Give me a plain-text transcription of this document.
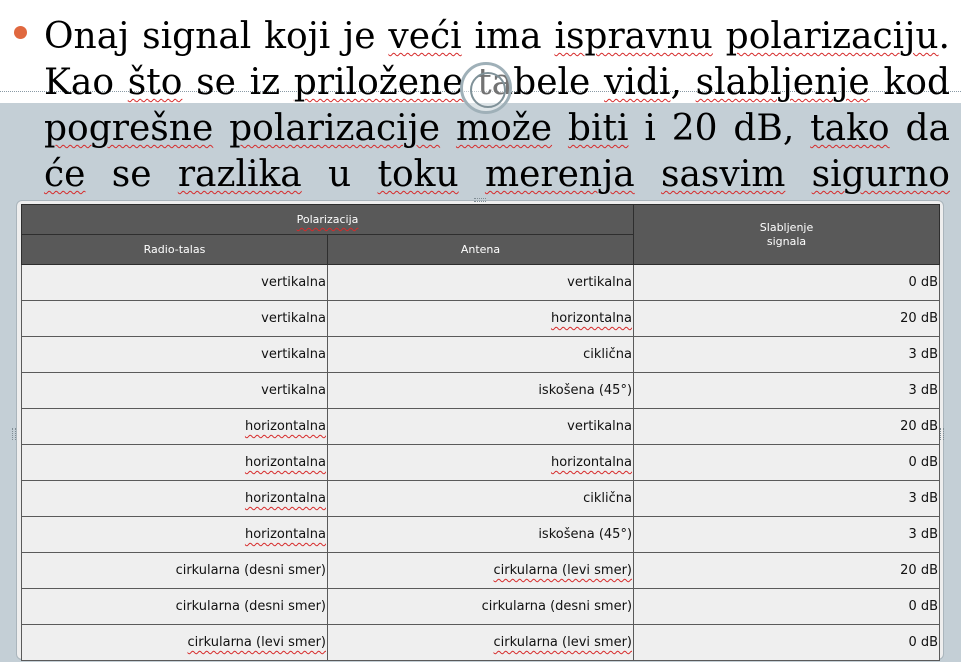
Onaj signal koji je veći ima ispravnu polarizaciju. Kao što se iz priložene tabele vidi, slabljenje kod pogrešne polarizacije može biti i 20 dB, tako da će se razlika u toku merenja sasvim sigurno
Polarizacija		Slabljenje
signala
Radio-talas	Antena	
vertikalna	vertikalna	0 dB
vertikalna	horizontalna	20 dB
vertikalna	ciklična	3 dB
vertikalna	iskošena (45°)	3 dB
horizontalna	vertikalna	20 dB
horizontalna	horizontalna	0 dB
horizontalna	ciklična	3 dB
horizontalna	iskošena (45°)	3 dB
cirkularna (desni smer)	cirkularna (levi smer)	20 dB
cirkularna (desni smer)	cirkularna (desni smer)	0 dB
cirkularna (levi smer)	cirkularna (levi smer)	0 dB
